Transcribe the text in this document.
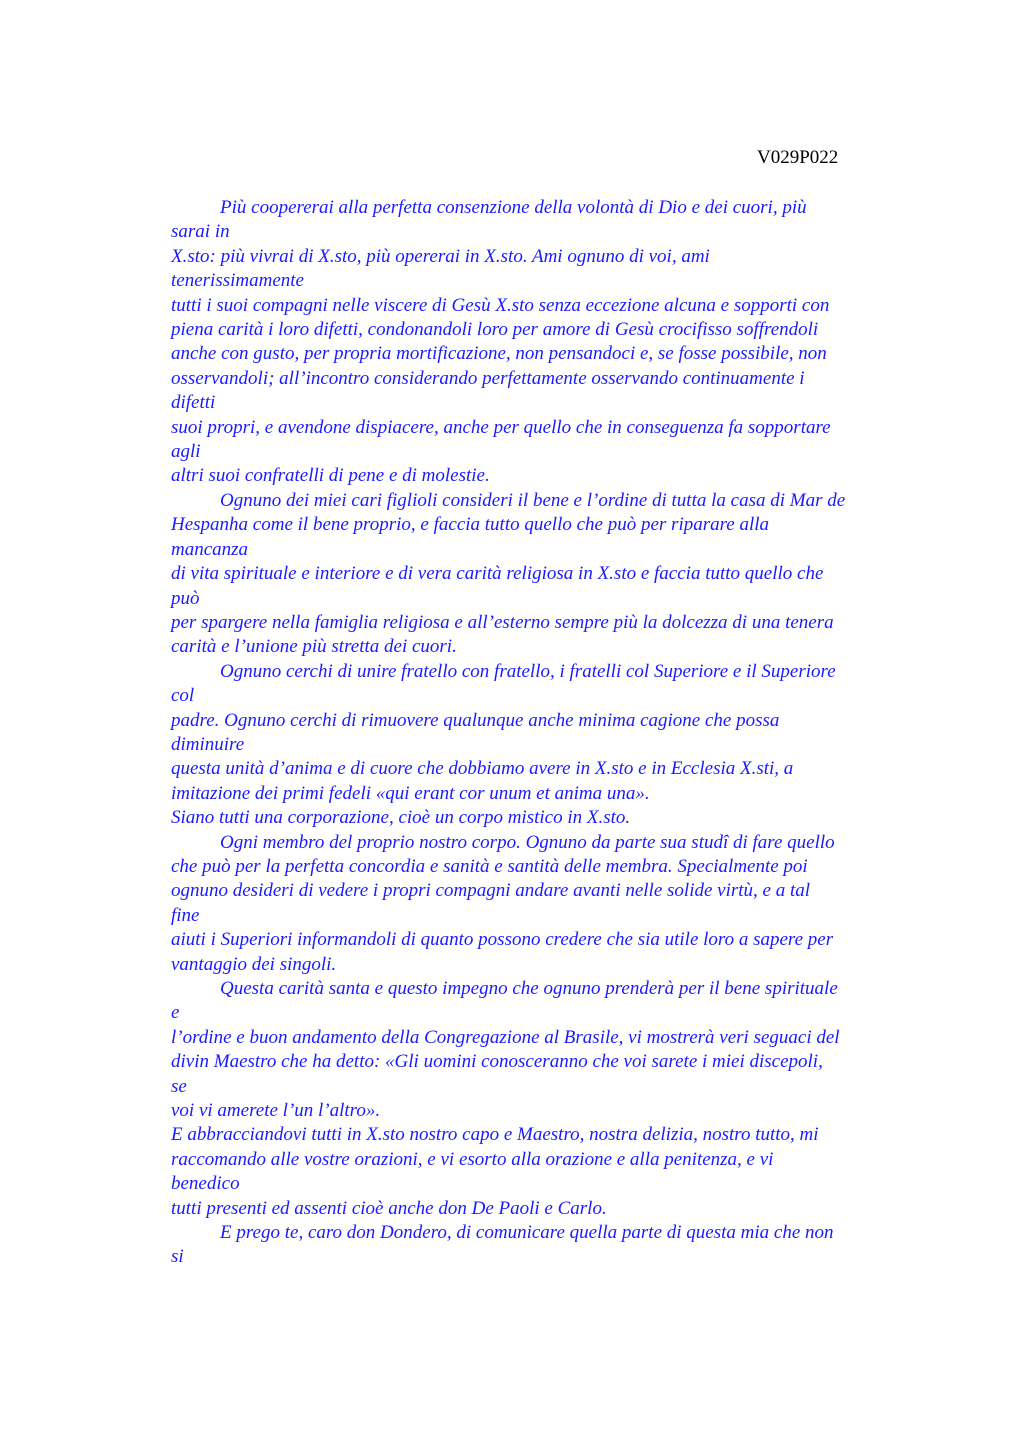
V029P022
Più coopererai alla perfetta consenzione della volontà di Dio e dei cuori, più
sarai in
X.sto: più vivrai di X.sto, più opererai in X.sto. Ami ognuno di voi, ami
tenerissimamente
tutti i suoi compagni nelle viscere di Gesù X.sto senza eccezione alcuna e sopporti con
piena carità i loro difetti, condonandoli loro per amore di Gesù crocifisso soffrendoli
anche con gusto, per propria mortificazione, non pensandoci e, se fosse possibile, non
osservandoli; all’incontro considerando perfettamente osservando continuamente i
difetti
suoi propri, e avendone dispiacere, anche per quello che in conseguenza fa sopportare
agli
altri suoi confratelli di pene e di molestie.
Ognuno dei miei cari figlioli consideri il bene e l’ordine di tutta la casa di Mar de
Hespanha come il bene proprio, e faccia tutto quello che può per riparare alla
mancanza
di vita spirituale e interiore e di vera carità religiosa in X.sto e faccia tutto quello che
può
per spargere nella famiglia religiosa e all’esterno sempre più la dolcezza di una tenera
carità e l’unione più stretta dei cuori.
Ognuno cerchi di unire fratello con fratello, i fratelli col Superiore e il Superiore
col
padre. Ognuno cerchi di rimuovere qualunque anche minima cagione che possa
diminuire
questa unità d’anima e di cuore che dobbiamo avere in X.sto e in Ecclesia X.sti, a
imitazione dei primi fedeli «qui erant cor unum et anima una».
Siano tutti una corporazione, cioè un corpo mistico in X.sto.
Ogni membro del proprio nostro corpo. Ognuno da parte sua studî di fare quello
che può per la perfetta concordia e sanità e santità delle membra. Specialmente poi
ognuno desideri di vedere i propri compagni andare avanti nelle solide virtù, e a tal
fine
aiuti i Superiori informandoli di quanto possono credere che sia utile loro a sapere per
vantaggio dei singoli.
Questa carità santa e questo impegno che ognuno prenderà per il bene spirituale
e
l’ordine e buon andamento della Congregazione al Brasile, vi mostrerà veri seguaci del
divin Maestro che ha detto: «Gli uomini conosceranno che voi sarete i miei discepoli,
se
voi vi amerete l’un l’altro».
E abbracciandovi tutti in X.sto nostro capo e Maestro, nostra delizia, nostro tutto, mi
raccomando alle vostre orazioni, e vi esorto alla orazione e alla penitenza, e vi
benedico
tutti presenti ed assenti cioè anche don De Paoli e Carlo.
E prego te, caro don Dondero, di comunicare quella parte di questa mia che non
si
